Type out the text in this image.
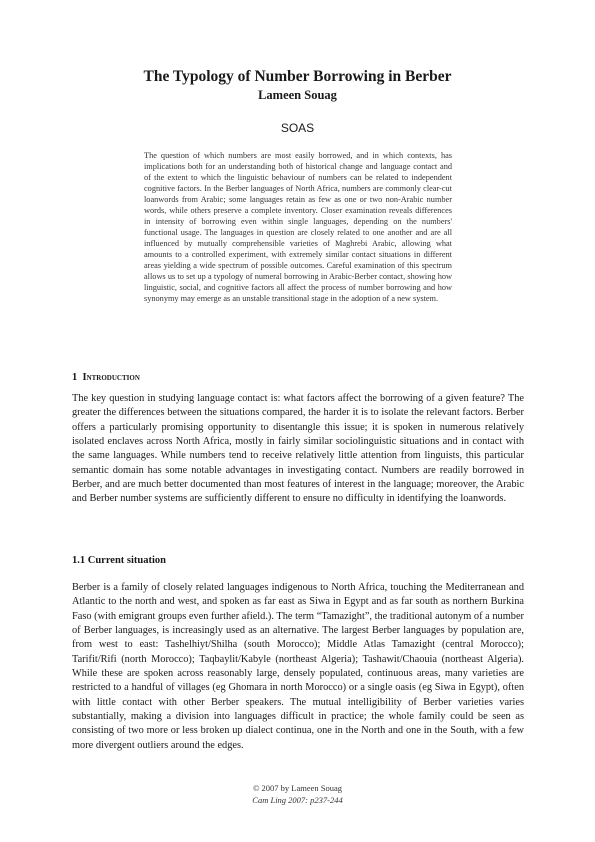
The Typology of Number Borrowing in Berber
Lameen Souag
SOAS

The question of which numbers are most easily borrowed, and in which contexts, has implications both for an understanding both of historical change and language contact and of the extent to which the linguistic behaviour of numbers can be related to independent cognitive factors. In the Berber languages of North Africa, numbers are commonly clear-cut loanwords from Arabic; some languages retain as few as one or two non-Arabic number words, while others preserve a complete inventory. Closer examination reveals differences in intensity of borrowing even within single languages, depending on the numbers' functional usage. The languages in question are closely related to one another and are all influenced by mutually comprehensible varieties of Maghrebi Arabic, allowing what amounts to a controlled experiment, with extremely similar contact situations in different areas yielding a wide spectrum of possible outcomes. Careful examination of this spectrum allows us to set up a typology of numeral borrowing in Arabic-Berber contact, showing how linguistic, social, and cognitive factors all affect the process of number borrowing and how synonymy may emerge as an unstable transitional stage in the adoption of a new system.

1 Introduction

The key question in studying language contact is: what factors affect the borrowing of a given feature? The greater the differences between the situations compared, the harder it is to isolate the relevant factors. Berber offers a particularly promising opportunity to disentangle this issue; it is spoken in numerous relatively isolated enclaves across North Africa, mostly in fairly similar sociolinguistic situations and in contact with the same languages. While numbers tend to receive relatively little attention from linguists, this particular semantic domain has some notable advantages in investigating contact. Numbers are readily borrowed in Berber, and are much better documented than most features of interest in the language; moreover, the Arabic and Berber number systems are sufficiently different to ensure no difficulty in identifying the loanwords.

1.1 Current situation

Berber is a family of closely related languages indigenous to North Africa, touching the Mediterranean and Atlantic to the north and west, and spoken as far east as Siwa in Egypt and as far south as northern Burkina Faso (with emigrant groups even further afield.). The term “Tamazight”, the traditional autonym of a number of Berber languages, is increasingly used as an alternative. The largest Berber languages by population are, from west to east: Tashelhiyt/Shilha (south Morocco); Middle Atlas Tamazight (central Morocco); Tarifit/Rifi (north Morocco); Taqbaylit/Kabyle (northeast Algeria); Tashawit/Chaouia (northeast Algeria). While these are spoken across reasonably large, densely populated, continuous areas, many varieties are restricted to a handful of villages (eg Ghomara in north Morocco) or a single oasis (eg Siwa in Egypt), often with little contact with other Berber speakers. The mutual intelligibility of Berber varieties varies substantially, making a division into languages difficult in practice; the whole family could be seen as consisting of two more or less broken up dialect continua, one in the North and one in the South, with a few more divergent outliers around the edges.

© 2007 by Lameen Souag

Cam Ling 2007: p237-244
